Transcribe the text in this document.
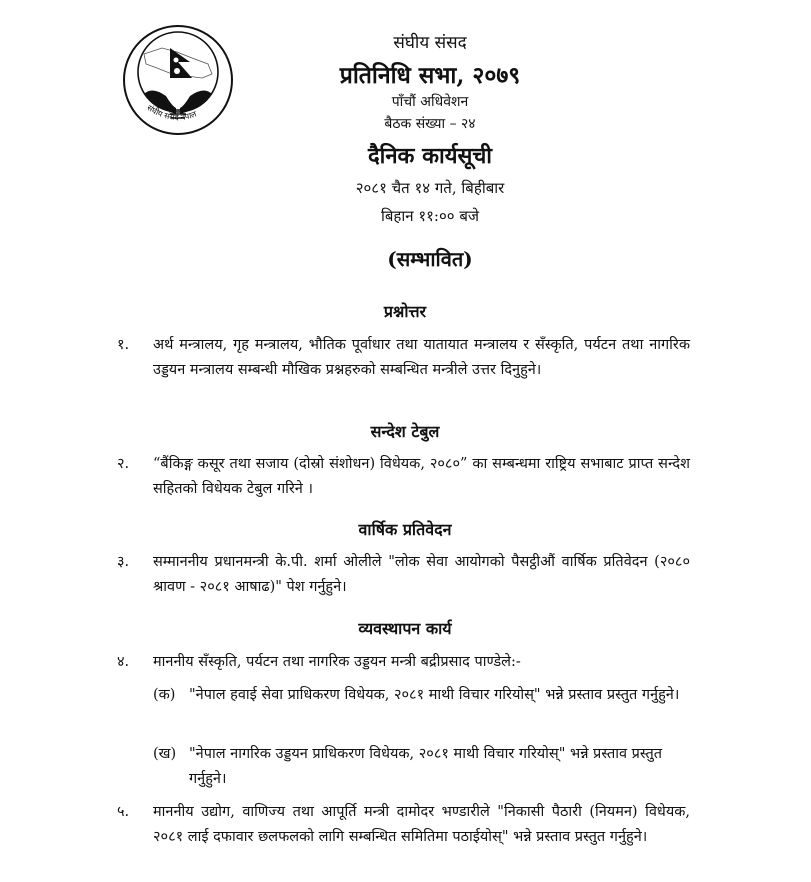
संघीय संसद नेपाल
संघीय संसद
प्रतिनिधि सभा, २०७९
पाँचौं अधिवेशन
बैठक संख्या – २४
दैनिक कार्यसूची
२०८१ चैत १४ गते, बिहीबार
बिहान ११:०० बजे
(सम्भावित)
प्रश्नोत्तर
१. अर्थ मन्त्रालय, गृह मन्त्रालय, भौतिक पूर्वाधार तथा यातायात मन्त्रालय र सँस्कृति, पर्यटन तथा नागरिक उड्डयन मन्त्रालय सम्बन्धी मौखिक प्रश्नहरुको सम्बन्धित मन्त्रीले उत्तर दिनुहुने।
सन्देश टेबुल
२. “बैंकिङ्ग कसूर तथा सजाय (दोस्रो संशोधन) विधेयक, २०८०” का सम्बन्धमा राष्ट्रिय सभाबाट प्राप्त सन्देश सहितको विधेयक टेबुल गरिने ।
वार्षिक प्रतिवेदन
३. सम्माननीय प्रधानमन्त्री के.पी. शर्मा ओलीले "लोक सेवा आयोगको पैसट्ठीऔं वार्षिक प्रतिवेदन (२०८० श्रावण - २०८१ आषाढ)" पेश गर्नुहुने।
व्यवस्थापन कार्य
४. माननीय सँस्कृति, पर्यटन तथा नागरिक उड्डयन मन्त्री बद्रीप्रसाद पाण्डेले:-
(क) "नेपाल हवाई सेवा प्राधिकरण विधेयक, २०८१ माथी विचार गरियोस्" भन्ने प्रस्ताव प्रस्तुत गर्नुहुने।
(ख) "नेपाल नागरिक उड्डयन प्राधिकरण विधेयक, २०८१ माथी विचार गरियोस्" भन्ने प्रस्ताव प्रस्तुत गर्नुहुने।
५. माननीय उद्योग, वाणिज्य तथा आपूर्ति मन्त्री दामोदर भण्डारीले "निकासी पैठारी (नियमन) विधेयक, २०८१ लाई दफावार छलफलको लागि सम्बन्धित समितिमा पठाईयोस्" भन्ने प्रस्ताव प्रस्तुत गर्नुहुने।
